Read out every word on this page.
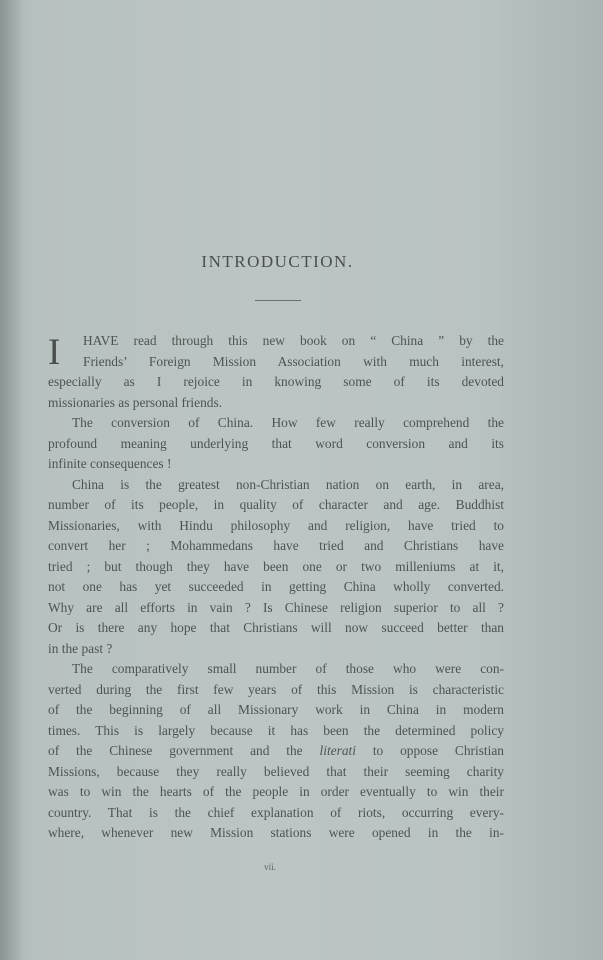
INTRODUCTION.
I	HAVE read through this new book on “ China ” by the
Friends’ Foreign Mission Association with much interest,
especially as I rejoice in knowing some of its devoted
missionaries as personal friends.
The conversion of China. How few really comprehend the
profound meaning underlying that word conversion and its
infinite consequences !
China is the greatest non-Christian nation on earth, in area,
number of its people, in quality of character and age. Buddhist
Missionaries, with Hindu philosophy and religion, have tried to
convert her ; Mohammedans have tried and Christians have
tried ; but though they have been one or two milleniums at it,
not one has yet succeeded in getting China wholly converted.
Why are all efforts in vain ? Is Chinese religion superior to all ?
Or is there any hope that Christians will now succeed better than
in the past ?
The comparatively small number of those who were con-
verted during the first few years of this Mission is characteristic
of the beginning of all Missionary work in China in modern
times. This is largely because it has been the determined policy
of the Chinese government and the literati to oppose Christian
Missions, because they really believed that their seeming charity
was to win the hearts of the people in order eventually to win their
country. That is the chief explanation of riots, occurring every-
where, whenever new Mission stations were opened in the in-
vii.
